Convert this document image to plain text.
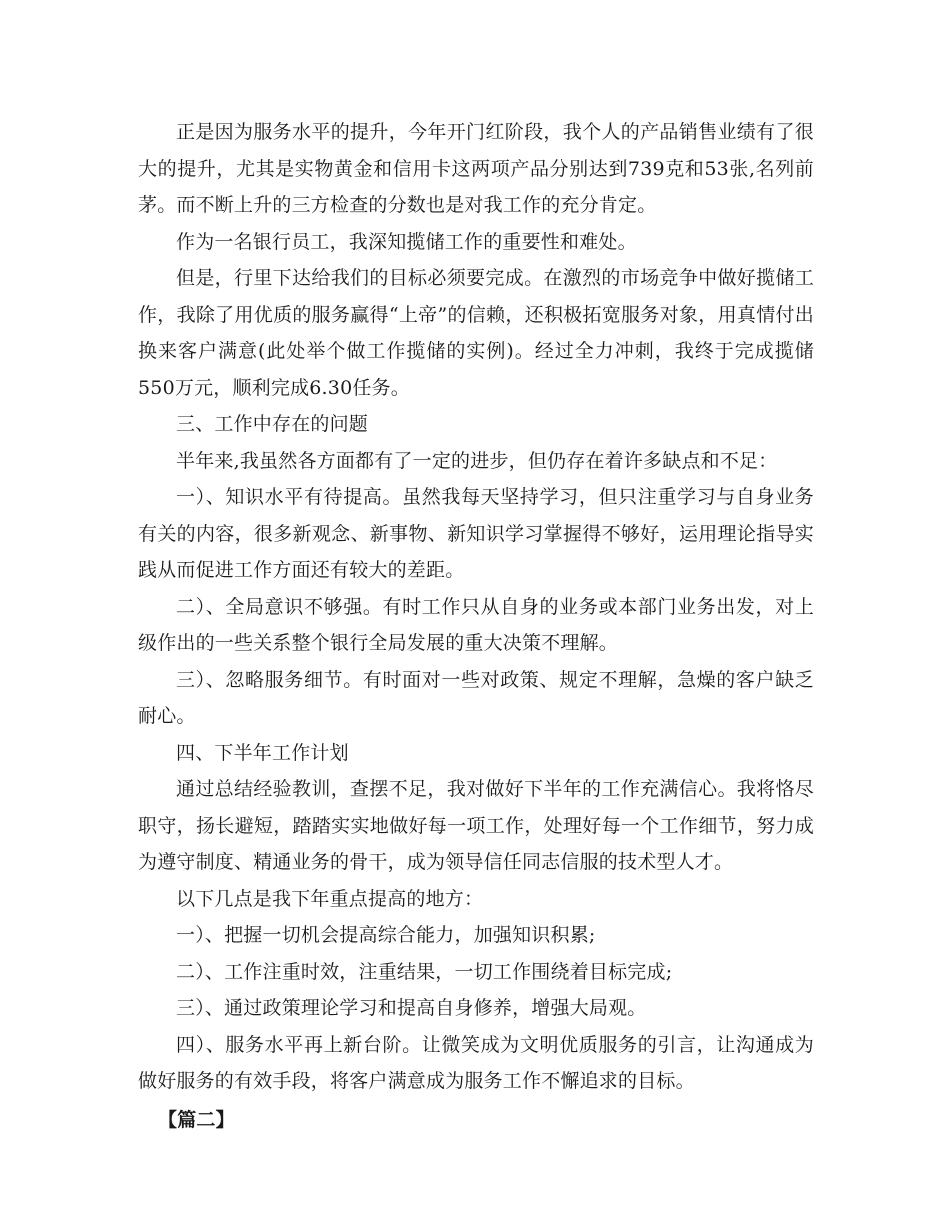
正是因为服务水平的提升，今年开门红阶段，我个人的产品销售业绩有了很大的提升，尤其是实物黄金和信用卡这两项产品分别达到739克和53张,名列前茅。而不断上升的三方检查的分数也是对我工作的充分肯定。

作为一名银行员工，我深知揽储工作的重要性和难处。

但是，行里下达给我们的目标必须要完成。在激烈的市场竞争中做好揽储工作，我除了用优质的服务赢得“上帝”的信赖，还积极拓宽服务对象，用真情付出换来客户满意(此处举个做工作揽储的实例)。经过全力冲刺，我终于完成揽储550万元，顺利完成6.30任务。

三、工作中存在的问题

半年来,我虽然各方面都有了一定的进步，但仍存在着许多缺点和不足：

一）、知识水平有待提高。虽然我每天坚持学习，但只注重学习与自身业务有关的内容，很多新观念、新事物、新知识学习掌握得不够好，运用理论指导实践从而促进工作方面还有较大的差距。

二）、全局意识不够强。有时工作只从自身的业务或本部门业务出发，对上级作出的一些关系整个银行全局发展的重大决策不理解。

三）、忽略服务细节。有时面对一些对政策、规定不理解，急燥的客户缺乏耐心。

四、下半年工作计划

通过总结经验教训，查摆不足，我对做好下半年的工作充满信心。我将恪尽职守，扬长避短，踏踏实实地做好每一项工作，处理好每一个工作细节，努力成为遵守制度、精通业务的骨干，成为领导信任同志信服的技术型人才。

以下几点是我下年重点提高的地方：

一）、把握一切机会提高综合能力，加强知识积累;

二）、工作注重时效，注重结果，一切工作围绕着目标完成;

三）、通过政策理论学习和提高自身修养，增强大局观。

四）、服务水平再上新台阶。让微笑成为文明优质服务的引言，让沟通成为做好服务的有效手段，将客户满意成为服务工作不懈追求的目标。

【篇二】
